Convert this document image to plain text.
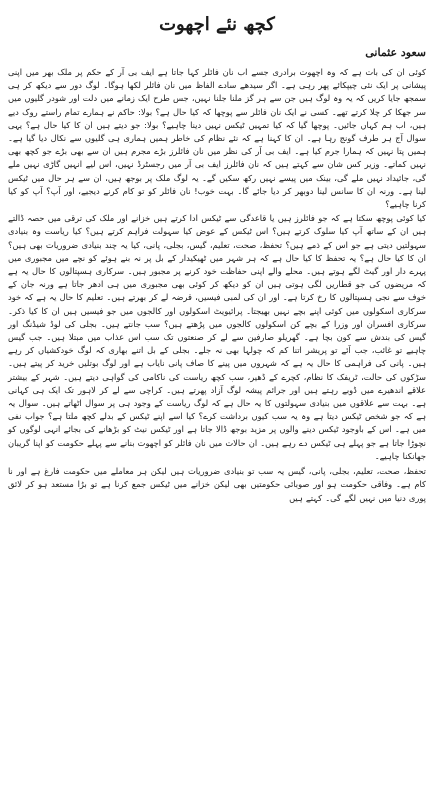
کچھ نئے اچھوت
سعود عثمانی

کوئی ان کی بات ہے کہ وہ اچھوت برادری جسے اب نان فائلر کہا جاتا ہے ایف بی آر کے حکم پر ملک بھر میں اپنی پیشانی پر ایک نئی چیپکائے پھر رہی ہے۔ اگر سیدھے سادے الفاظ میں نان فائلر لکھا ہوگا۔ لوگ دور سے دیکھ کر ہی سمجھ جایا کریں کہ یہ وہ لوگ ہیں جن سے ہر گز ملنا جلنا نہیں، جس طرح ایک زمانے میں دلت اور شودر گلیوں میں سر جھکا کر چلا کرتے تھے۔ کسی نے ایک نان فائلر سے پوچھا کہ کیا حال ہے؟ بولا: حاکم نے ہمارے تمام راستے روک دیے ہیں، اب ہم کہاں جائیں۔ پوچھا گیا کہ کیا تمہیں ٹیکس نہیں دینا چاہیے؟ بولا: جو دیتے ہیں ان کا کیا حال ہے؟ یہی سوال آج ہر طرف گونج رہا ہے۔ ان کا کہنا ہے کہ نئے نظام کی خاطر ہمیں ہماری ہی گلیوں سے نکال دیا گیا ہے۔ ہمیں پتا نہیں کہ ہمارا جرم کیا ہے۔ ایف بی آر کی نظر میں نان فائلرز بڑے مجرم ہیں ان سے بھی بڑے جو کچھ بھی نہیں کماتے۔ وزیر کس شان سے کہتے ہیں کہ نان فائلرز ایف بی آر میں رجسٹرڈ نہیں، اس لیے انہیں گاڑی نہیں ملے گی، جائیداد نہیں ملے گی، بینک میں پیسے نہیں رکھ سکیں گے۔ یہ لوگ ملک پر بوجھ ہیں، ان سے ہر حال میں ٹیکس لینا ہے۔ ورنہ ان کا سانس لینا دوبھر کر دیا جائے گا۔ بہت خوب! نان فائلر کو تو کام کرنے دیجیے، اور آپ؟ آپ کو کیا کرنا چاہیے؟

کیا کوئی پوچھ سکتا ہے کہ جو فائلرز ہیں یا قاعدگی سے ٹیکس ادا کرتے ہیں خزانے اور ملک کی ترقی میں حصہ ڈالتے ہیں ان کے ساتھ آپ کیا سلوک کرتے ہیں؟ اس ٹیکس کے عوض کیا سہولت فراہم کرتے ہیں؟ کیا ریاست وہ بنیادی سہولتیں دیتی ہے جو اس کے ذمے ہیں؟ تحفظ، صحت، تعلیم، گیس، بجلی، پانی، کیا یہ چند بنیادی ضروریات بھی ہیں؟ ان کا کیا حال ہے؟ یہ تحفظ کا کیا حال ہے کہ ہر شہر میں ٹھیکیدار کے بل پر نہ بنے ہوئے کو نچے میں مجبوری میں پہرے دار اور گیٹ لگے ہوتے ہیں۔ محلے والے اپنی حفاظت خود کرنے پر مجبور ہیں۔ سرکاری ہسپتالوں کا حال یہ ہے کہ مریضوں کی جو قطاریں لگی ہوتی ہیں ان کو دیکھ کر کوئی بھی مجبوری میں ہی ادھر جاتا ہے ورنہ جان کے خوف سے نجی ہسپتالوں کا رخ کرتا ہے۔ اور ان کی لمبی فیسیں، قرضہ لے کر بھرتے ہیں۔ تعلیم کا حال یہ ہے کہ خود سرکاری اسکولوں میں کوئی اپنے بچے نہیں بھیجتا۔ پرائیویٹ اسکولوں اور کالجوں میں جو فیسیں ہیں ان کا کیا ذکر۔ سرکاری افسران اور وزرا کے بچے کن اسکولوں کالجوں میں پڑھتے ہیں؟ سب جانتے ہیں۔ بجلی کی لوڈ شیڈنگ اور گیس کی بندش سے کون بچا ہے۔ گھریلو صارفین سے لے کر صنعتوں تک سب اس عذاب میں مبتلا ہیں۔ جب گیس چاہیے تو غائب، جب آئے تو پریشر اتنا کم کہ چولہا بھی نہ جلے۔ بجلی کے بل اتنے بھاری کہ لوگ خودکشیاں کر رہے ہیں۔ پانی کی فراہمی کا حال یہ ہے کہ شہروں میں پینے کا صاف پانی نایاب ہے اور لوگ بوتلیں خرید کر پیتے ہیں۔ سڑکوں کی حالت، ٹریفک کا نظام، کچرے کے ڈھیر، سب کچھ ریاست کی ناکامی کی گواہی دیتے ہیں۔ شہر کے بیشتر علاقے اندھیرے میں ڈوبے رہتے ہیں اور جرائم پیشہ لوگ آزاد پھرتے ہیں۔ کراچی سے لے کر لاہور تک ایک ہی کہانی ہے۔ بہت سے علاقوں میں بنیادی سہولتوں کا یہ حال ہے کہ لوگ ریاست کے وجود ہی پر سوال اٹھاتے ہیں۔ سوال یہ ہے کہ جو شخص ٹیکس دیتا ہے وہ یہ سب کیوں برداشت کرے؟ کیا اسے اپنے ٹیکس کے بدلے کچھ ملتا ہے؟ جواب نفی میں ہے۔ اس کے باوجود ٹیکس دینے والوں پر مزید بوجھ ڈالا جاتا ہے اور ٹیکس نیٹ کو بڑھانے کی بجائے انہی لوگوں کو نچوڑا جاتا ہے جو پہلے ہی ٹیکس دے رہے ہیں۔ ان حالات میں نان فائلر کو اچھوت بنانے سے پہلے حکومت کو اپنا گریبان جھانکنا چاہیے۔

تحفظ، صحت، تعلیم، بجلی، پانی، گیس یہ سب تو بنیادی ضروریات ہیں لیکن ہر معاملے میں حکومت فارغ ہے اور نا کام ہے۔ وفاقی حکومت ہو اور صوبائی حکومتیں بھی لیکن خزانے میں ٹیکس جمع کرنا ہے تو بڑا مستعد ہو کر لائق پوری دنیا میں نہیں لگے گی۔ کہتے ہیں
